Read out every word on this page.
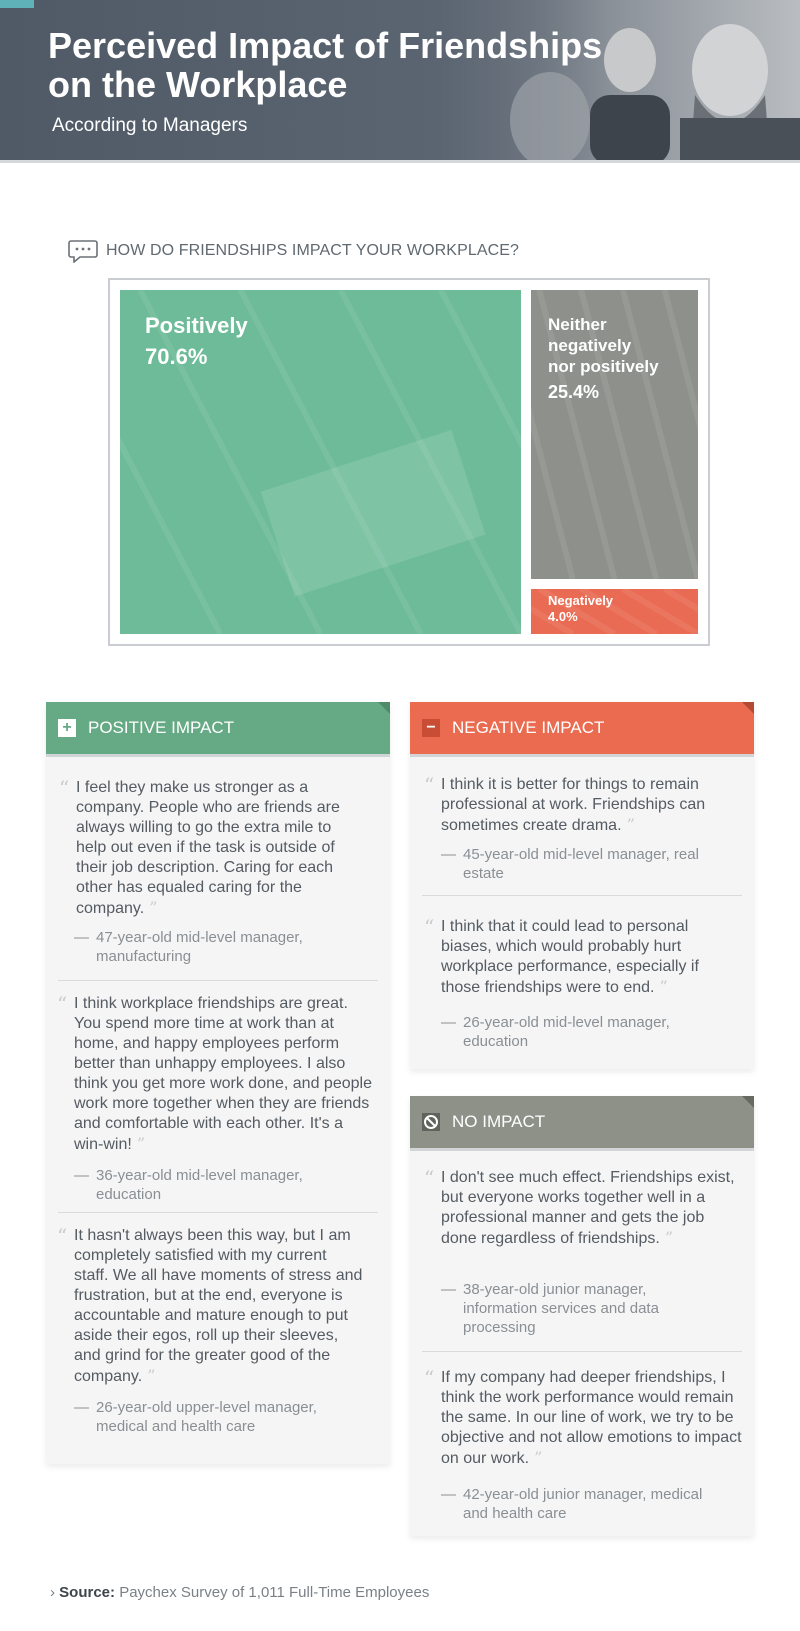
Perceived Impact of Friendships on the Workplace
According to Managers
HOW DO FRIENDSHIPS IMPACT YOUR WORKPLACE?
Positively
70.6%
Neither
negatively
nor positively
25.4%
Negatively
4.0%
+ POSITIVE IMPACT
“ I feel they make us stronger as a company. People who are friends are always willing to go the extra mile to help out even if the task is outside of their job description. Caring for each other has equaled caring for the company. ”
— 47-year-old mid-level manager, manufacturing
“ I think workplace friendships are great. You spend more time at work than at home, and happy employees perform better than unhappy employees. I also think you get more work done, and people work more together when they are friends and comfortable with each other. It's a win-win! ”
— 36-year-old mid-level manager, education
“ It hasn't always been this way, but I am completely satisfied with my current staff. We all have moments of stress and frustration, but at the end, everyone is accountable and mature enough to put aside their egos, roll up their sleeves, and grind for the greater good of the company. ”
— 26-year-old upper-level manager, medical and health care
− NEGATIVE IMPACT
“ I think it is better for things to remain professional at work. Friendships can sometimes create drama. ”
— 45-year-old mid-level manager, real estate
“ I think that it could lead to personal biases, which would probably hurt workplace performance, especially if those friendships were to end. ”
— 26-year-old mid-level manager, education
NO IMPACT
“ I don't see much effect. Friendships exist, but everyone works together well in a professional manner and gets the job done regardless of friendships. ”
— 38-year-old junior manager, information services and data processing
“ If my company had deeper friendships, I think the work performance would remain the same. In our line of work, we try to be objective and not allow emotions to impact on our work. ”
— 42-year-old junior manager, medical and health care
› Source: Paychex Survey of 1,011 Full-Time Employees
